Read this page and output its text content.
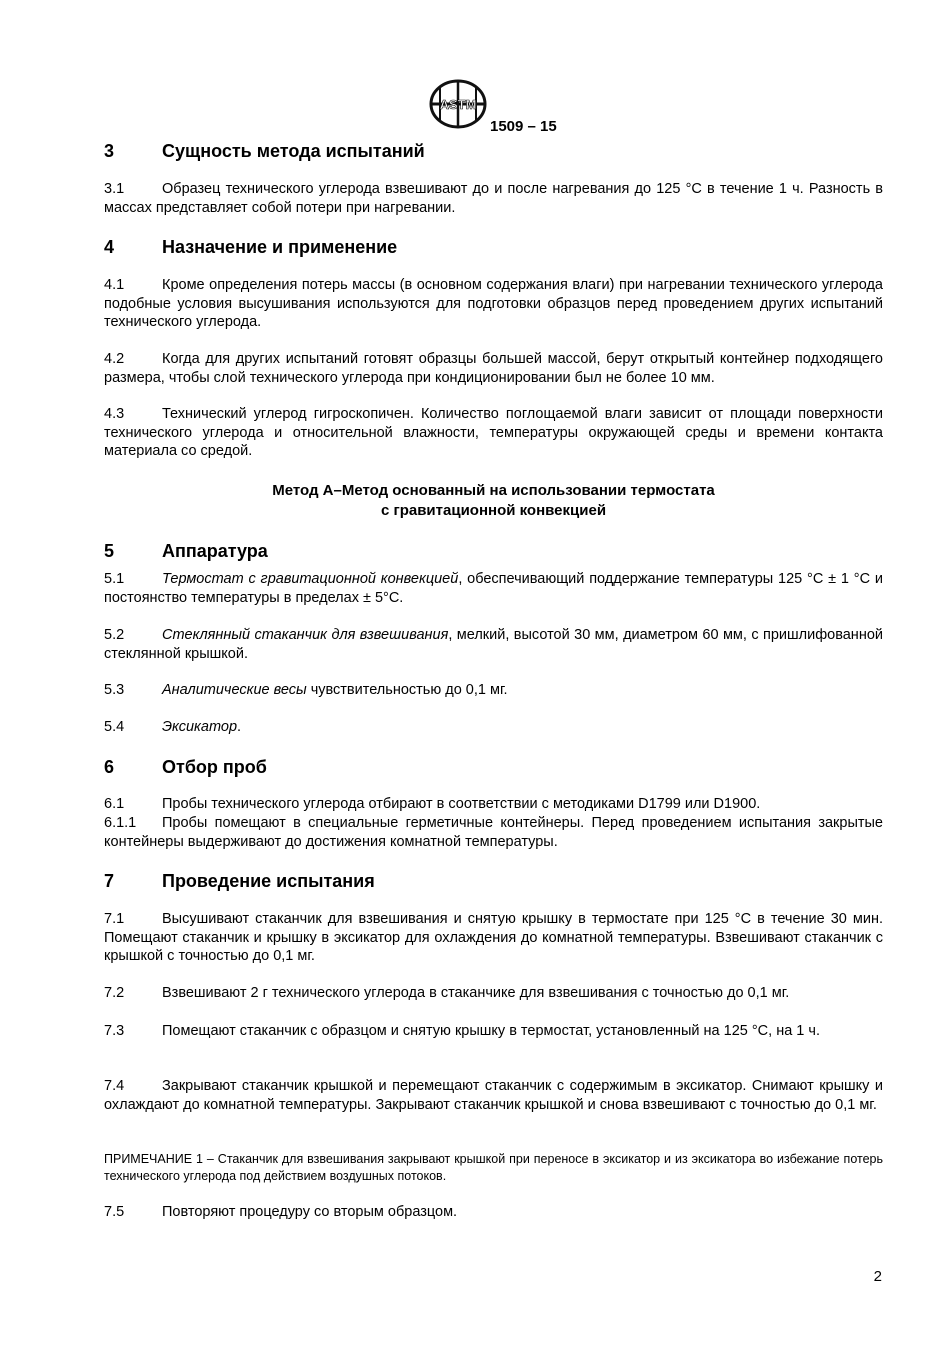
ASTM
1509 – 15
3	Сущность метода испытаний

3.1	Образец технического углерода взвешивают до и после нагревания до 125 °C в течение 1 ч. Разность в массах представляет собой потери при нагревании.

4	Назначение и применение

4.1	Кроме определения потерь массы (в основном содержания влаги) при нагревании технического углерода подобные условия высушивания используются для подготовки образцов перед проведением других испытаний технического углерода.

4.2	Когда для других испытаний готовят образцы большей массой, берут открытый контейнер подходящего размера, чтобы слой технического углерода при кондиционировании был не более 10 мм.

4.3	Технический углерод гигроскопичен. Количество поглощаемой влаги зависит от площади поверхности технического углерода и относительной влажности, температуры окружающей среды и времени контакта материала со средой.

Метод А–Метод основанный на использовании термостата
с гравитационной конвекцией
5	Аппаратура

5.1	Термостат с гравитационной конвекцией, обеспечивающий поддержание температуры 125 °C ± 1 °C и постоянство температуры в пределах ± 5°C.

5.2	Стеклянный стаканчик для взвешивания, мелкий, высотой 30 мм, диаметром 60 мм, с пришлифованной стеклянной крышкой.

5.3	Аналитические весы чувствительностью до 0,1 мг.

5.4	Эксикатор.

6	Отбор проб

6.1	Пробы технического углерода отбирают в соответствии с методиками D1799 или D1900.

6.1.1 Пробы помещают в специальные герметичные контейнеры. Перед проведением испытания закрытые контейнеры выдерживают до достижения комнатной температуры.

7	Проведение испытания

7.1	Высушивают стаканчик для взвешивания и снятую крышку в термостате при 125 °C в течение 30 мин. Помещают стаканчик и крышку в эксикатор для охлаждения до комнатной температуры. Взвешивают стаканчик с крышкой с точностью до 0,1 мг.

7.2	Взвешивают 2 г технического углерода в стаканчике для взвешивания с точностью до 0,1 мг.

7.3	Помещают стаканчик с образцом и снятую крышку в термостат, установленный на 125 °C, на 1 ч.

7.4	Закрывают стаканчик крышкой и перемещают стаканчик с содержимым в эксикатор. Снимают крышку и охлаждают до комнатной температуры. Закрывают стаканчик крышкой и снова взвешивают с точностью до 0,1 мг.

ПРИМЕЧАНИЕ 1 – Стаканчик для взвешивания закрывают крышкой при переносе в эксикатор и из эксикатора во избежание потерь технического углерода под действием воздушных потоков.

7.5	Повторяют процедуру со вторым образцом.

2
